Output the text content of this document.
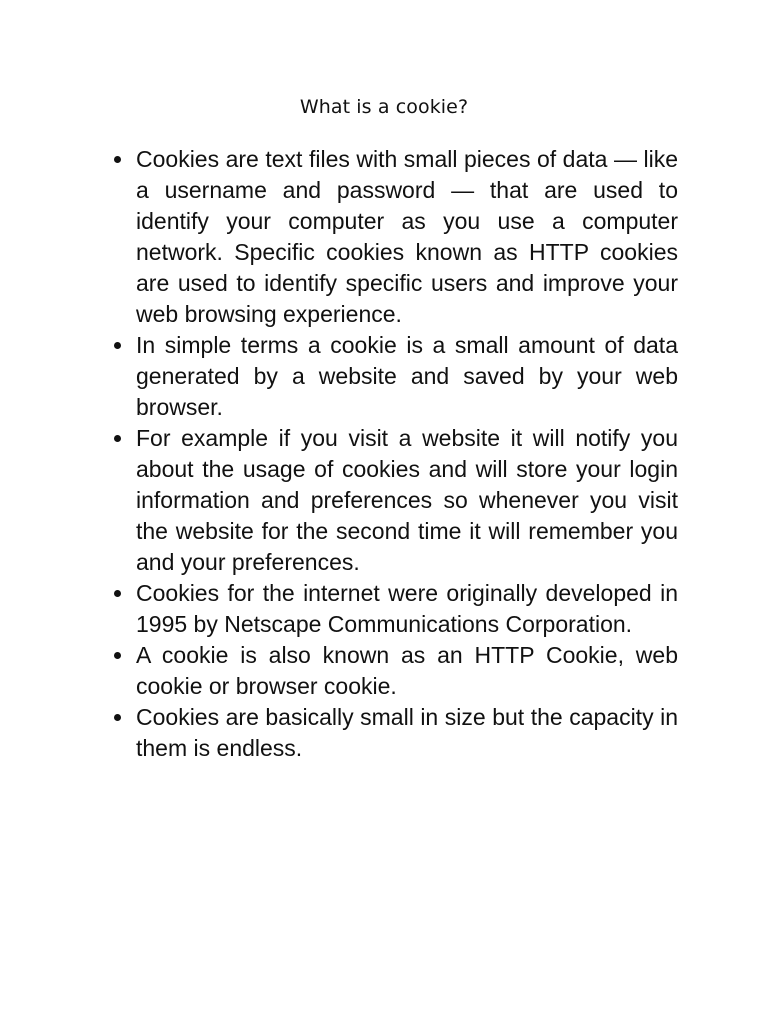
What is a cookie?
Cookies are text files with small pieces of data — like a username and password — that are used to identify your computer as you use a computer network. Specific cookies known as HTTP cookies are used to identify specific users and improve your web browsing experience.
In simple terms a cookie is a small amount of data generated by a website and saved by your web browser.
For example if you visit a website it will notify you about the usage of cookies and will store your login information and preferences so whenever you visit the website for the second time it will remember you and your preferences.
Cookies for the internet were originally developed in 1995 by Netscape Communications Corporation.
A cookie is also known as an HTTP Cookie, web cookie or browser cookie.
Cookies are basically small in size but the capacity in them is endless.
